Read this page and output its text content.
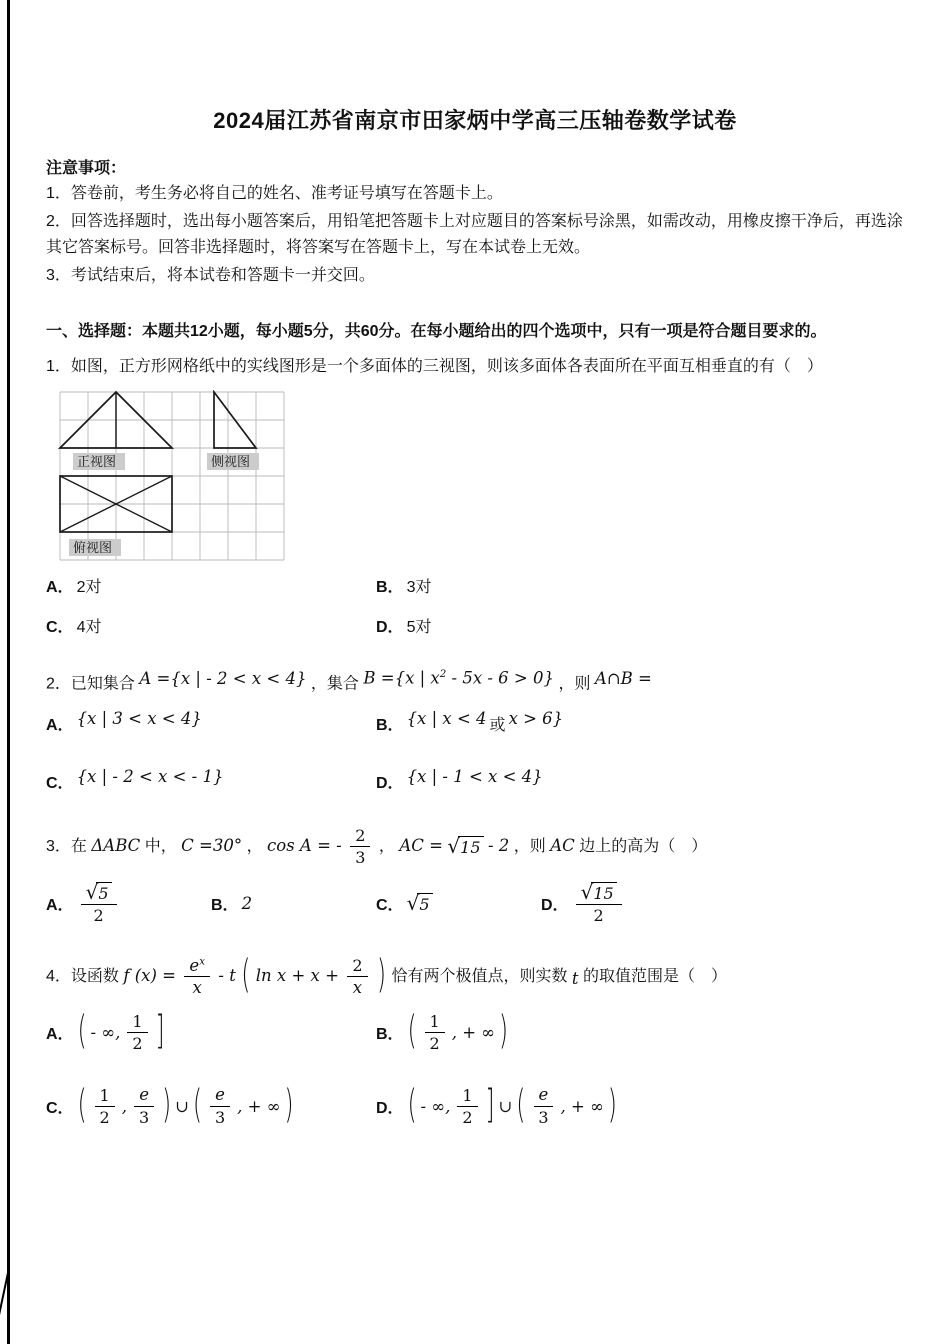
2024届江苏省南京市田家炳中学高三压轴卷数学试卷

注意事项：

1．答卷前，考生务必将自己的姓名、准考证号填写在答题卡上。

2．回答选择题时，选出每小题答案后，用铅笔把答题卡上对应题目的答案标号涂黑，如需改动，用橡皮擦干净后，再选涂其它答案标号。回答非选择题时，将答案写在答题卡上，写在本试卷上无效。

3．考试结束后，将本试卷和答题卡一并交回。

一、选择题：本题共12小题，每小题5分，共60分。在每小题给出的四个选项中，只有一项是符合题目要求的。

1．如图，正方形网格纸中的实线图形是一个多面体的三视图，则该多面体各表面所在平面互相垂直的有（　）

正视图	侧视图
俯视图
A． 2对	B． 3对
C． 4对	D． 5对

2．已知集合 A ={x | - 2 < x < 4} ，集合 B ={x | $x^2 - 5x - 6 > 0$} ，则 A∩B =

A． {x | 3 < x < 4}	B． {x | x < 4 或 x > 6}
C． {x | - 2 < x < - 1}	D． {x | - 1 < x < 4}

3．在 ΔABC 中， C =30° ， cos A = - $\frac{2}{3}$ ， AC = √ 15 - 2 ，则 AC 边上的高为（　）

A． $\frac{√ 5}{2}$	B． 2	C． √ 5	D． $\frac{√ 15}{2}$

4．设函数 f $(x) = \frac{e^x}{x} - t$ ( $\ln x + x + \frac{2}{x}$ ) 恰有两个极值点，则实数 t 的取值范围是（　）

A． ( - ∞, $\frac{1}{2}$ ]	B． ( $\frac{1}{2}$ , + ∞ )
C． ( $\frac{1}{2}$ , $\frac{e}{3}$ ) ∪ ( $\frac{e}{3}$ , + ∞ )	D． ( - ∞, $\frac{1}{2}$ ] ∪ ( $\frac{e}{3}$ , + ∞ )
